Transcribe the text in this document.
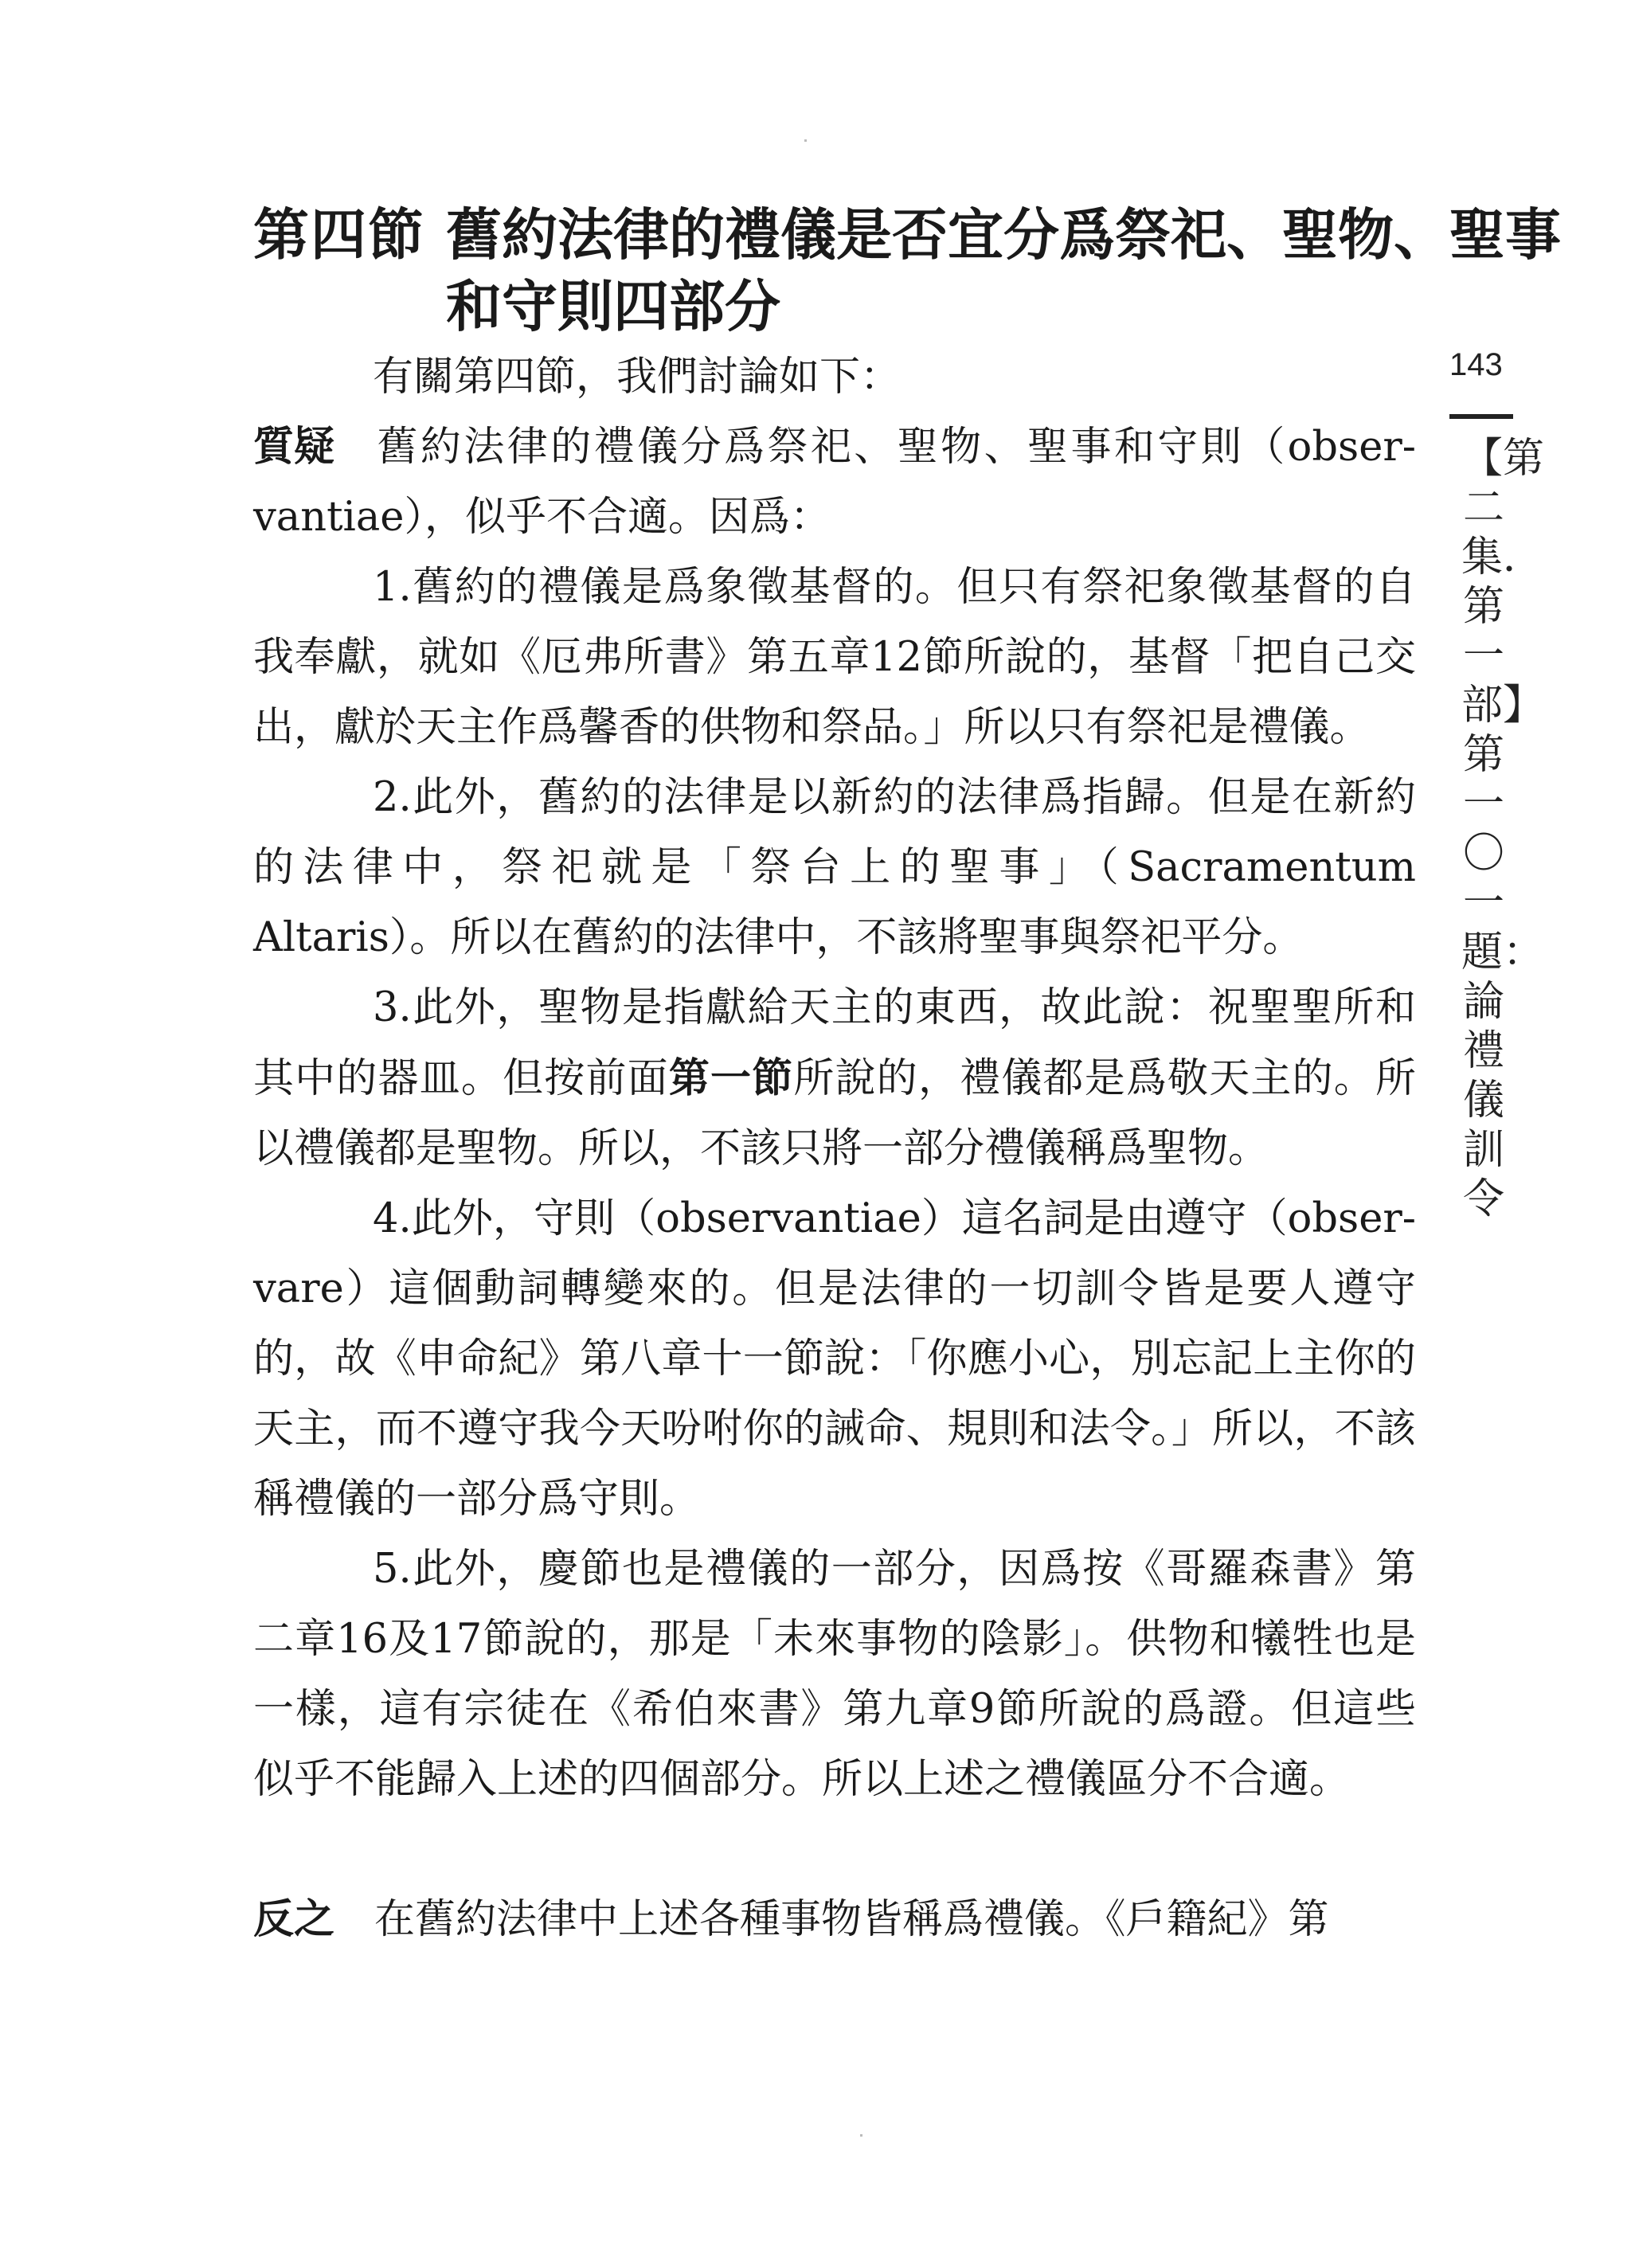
第四節 舊約法律的禮儀是否宜分爲祭祀、聖物、聖事
和守則四部分

有關第四節，我們討論如下：

質疑 舊約法律的禮儀分爲祭祀、聖物、聖事和守則（obser-vantiae），似乎不合適。因爲：

1.舊約的禮儀是爲象徵基督的。但只有祭祀象徵基督的自我奉獻，就如《厄弗所書》第五章12節所說的，基督「把自己交出，獻於天主作爲馨香的供物和祭品。」所以只有祭祀是禮儀。

2.此外，舊約的法律是以新約的法律爲指歸。但是在新約的法律中，祭祀就是「祭台上的聖事」（Sacramentum Altaris）。所以在舊約的法律中，不該將聖事與祭祀平分。

3.此外，聖物是指獻給天主的東西，故此說：祝聖聖所和其中的器皿。但按前面第一節所說的，禮儀都是爲敬天主的。所以禮儀都是聖物。所以，不該只將一部分禮儀稱爲聖物。

4.此外，守則（observantiae）這名詞是由遵守（obser-vare）這個動詞轉變來的。但是法律的一切訓令皆是要人遵守的，故《申命紀》第八章十一節說：「你應小心，別忘記上主你的天主，而不遵守我今天吩咐你的誡命、規則和法令。」所以，不該稱禮儀的一部分爲守則。

5.此外，慶節也是禮儀的一部分，因爲按《哥羅森書》第二章16及17節說的，那是「未來事物的陰影」。供物和犧牲也是一樣，這有宗徒在《希伯來書》第九章9節所說的爲證。但這些似乎不能歸入上述的四個部分。所以上述之禮儀區分不合適。

反之 在舊約法律中上述各種事物皆稱爲禮儀。《戶籍紀》第

143
【第二集．第一部】第一〇一題：論禮儀訓令
